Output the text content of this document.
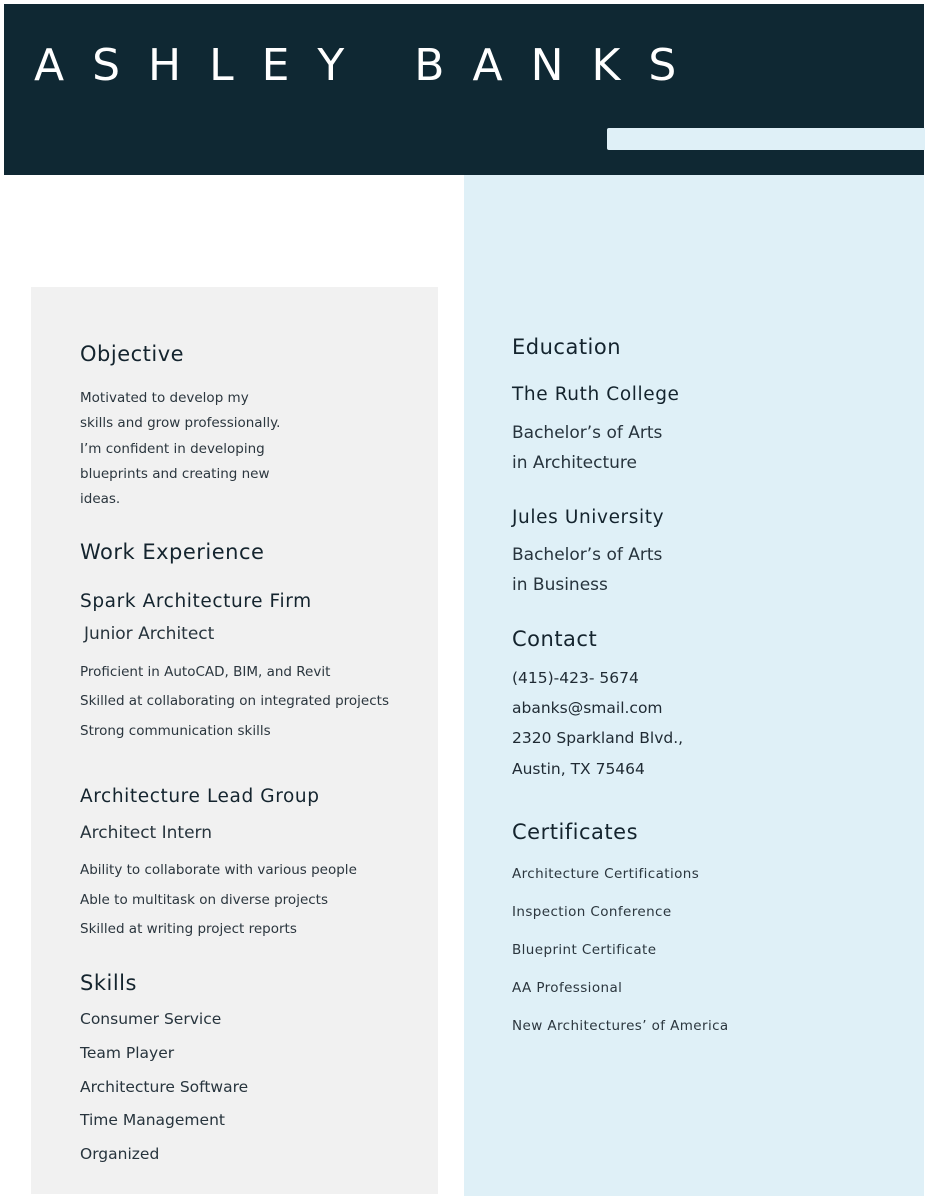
ASHLEY BANKS
Objective
Motivated to develop my
skills and grow professionally.
I’m confident in developing
blueprints and creating new
ideas.
Work Experience
Spark Architecture Firm
Junior Architect
Proficient in AutoCAD, BIM, and Revit
Skilled at collaborating on integrated projects
Strong communication skills
Architecture Lead Group
Architect Intern
Ability to collaborate with various people
Able to multitask on diverse projects
Skilled at writing project reports
Skills
Consumer Service
Team Player
Architecture Software
Time Management
Organized
Education
The Ruth College
Bachelor’s of Arts
in Architecture
Jules University
Bachelor’s of Arts
in Business
Contact
(415)-423- 5674
abanks@smail.com
2320 Sparkland Blvd.,
Austin, TX 75464
Certificates
Architecture Certifications
Inspection Conference
Blueprint Certificate
AA Professional
New Architectures’ of America
